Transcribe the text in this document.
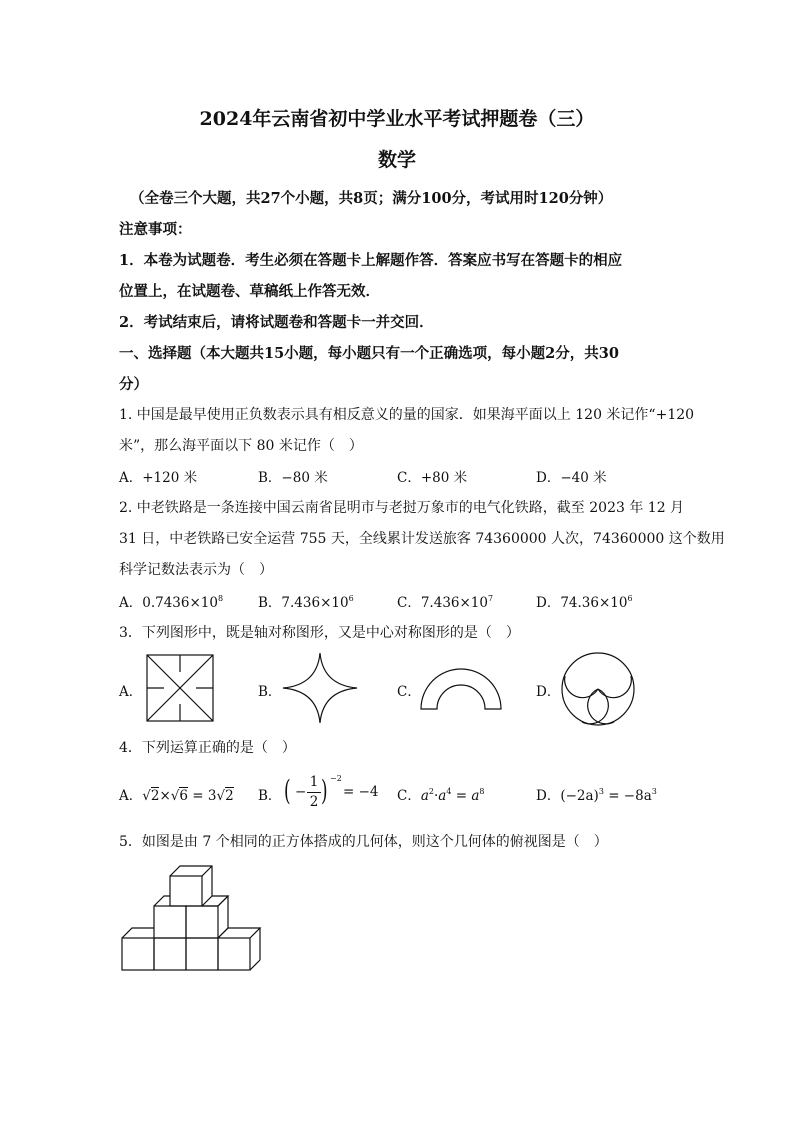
2024年云南省初中学业水平考试押题卷（三）
数学
（全卷三个大题，共27个小题，共8页；满分100分，考试用时120分钟）
注意事项：
1．本卷为试题卷．考生必须在答题卡上解题作答．答案应书写在答题卡的相应
位置上，在试题卷、草稿纸上作答无效．
2．考试结束后，请将试题卷和答题卡一并交回．
一、选择题（本大题共15小题，每小题只有一个正确选项，每小题2分，共30
分）
1. 中国是最早使用正负数表示具有相反意义的量的国家．如果海平面以上 120 米记作“+120
米”，那么海平面以下 80 米记作（　）
A．+120 米	B．−80 米	C．+80 米	D．−40 米
2. 中老铁路是一条连接中国云南省昆明市与老挝万象市的电气化铁路，截至 2023 年 12 月
31 日，中老铁路已安全运营 755 天，全线累计发送旅客 74360000 人次，74360000 这个数用
科学记数法表示为（　）
A．$0.7436\times 10^8$	B．$7.436\times 10^6$	C．$7.436\times 10^7$	D．$74.36\times 10^6$
3．下列图形中，既是轴对称图形，又是中心对称图形的是（　）
A．	B．	C．	D．
4．下列运算正确的是（　）
A．√2×√6 = 3√2 B． ( −
1
2 ) −2
= −4 C．$a^2\cdot a^4 = a^8$	D．$(-2a)^3 = -8a^3$
5．如图是由 7 个相同的正方体搭成的几何体，则这个几何体的俯视图是（　）
